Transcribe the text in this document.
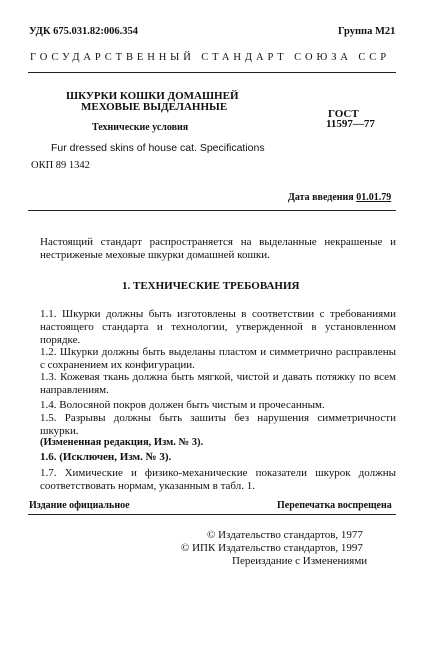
УДК 675.031.82:006.354	Группа М21
ГОСУДАРСТВЕННЫЙ СТАНДАРТ СОЮЗА ССР
ШКУРКИ КОШКИ ДОМАШНЕЙ
МЕХОВЫЕ ВЫДЕЛАННЫЕ
Технические условия
ГОСТ
11597—77
Fur dressed skins of house cat. Specifications
ОКП 89 1342
Дата введения 01.01.79
Настоящий стандарт распространяется на выделанные некрашеные и нестриженые меховые шкурки домашней кошки.
1. ТЕХНИЧЕСКИЕ ТРЕБОВАНИЯ
1.1. Шкурки должны быть изготовлены в соответствии с требованиями настоящего стандарта и технологии, утвержденной в установленном порядке.
1.2. Шкурки должны быть выделаны пластом и симметрично расправлены с сохранением их конфигурации.
1.3. Кожевая ткань должна быть мягкой, чистой и давать потяжку по всем направлениям.
1.4. Волосяной покров должен быть чистым и прочесанным.
1.5. Разрывы должны быть зашиты без нарушения симметричности шкурки.
(Измененная редакция, Изм. № 3).
1.6. (Исключен, Изм. № 3).
1.7. Химические и физико-механические показатели шкурок должны соответствовать нормам, указанным в табл. 1.
Издание официальное	Перепечатка воспрещена
© Издательство стандартов, 1977
© ИПК Издательство стандартов, 1997
Переиздание с Изменениями
